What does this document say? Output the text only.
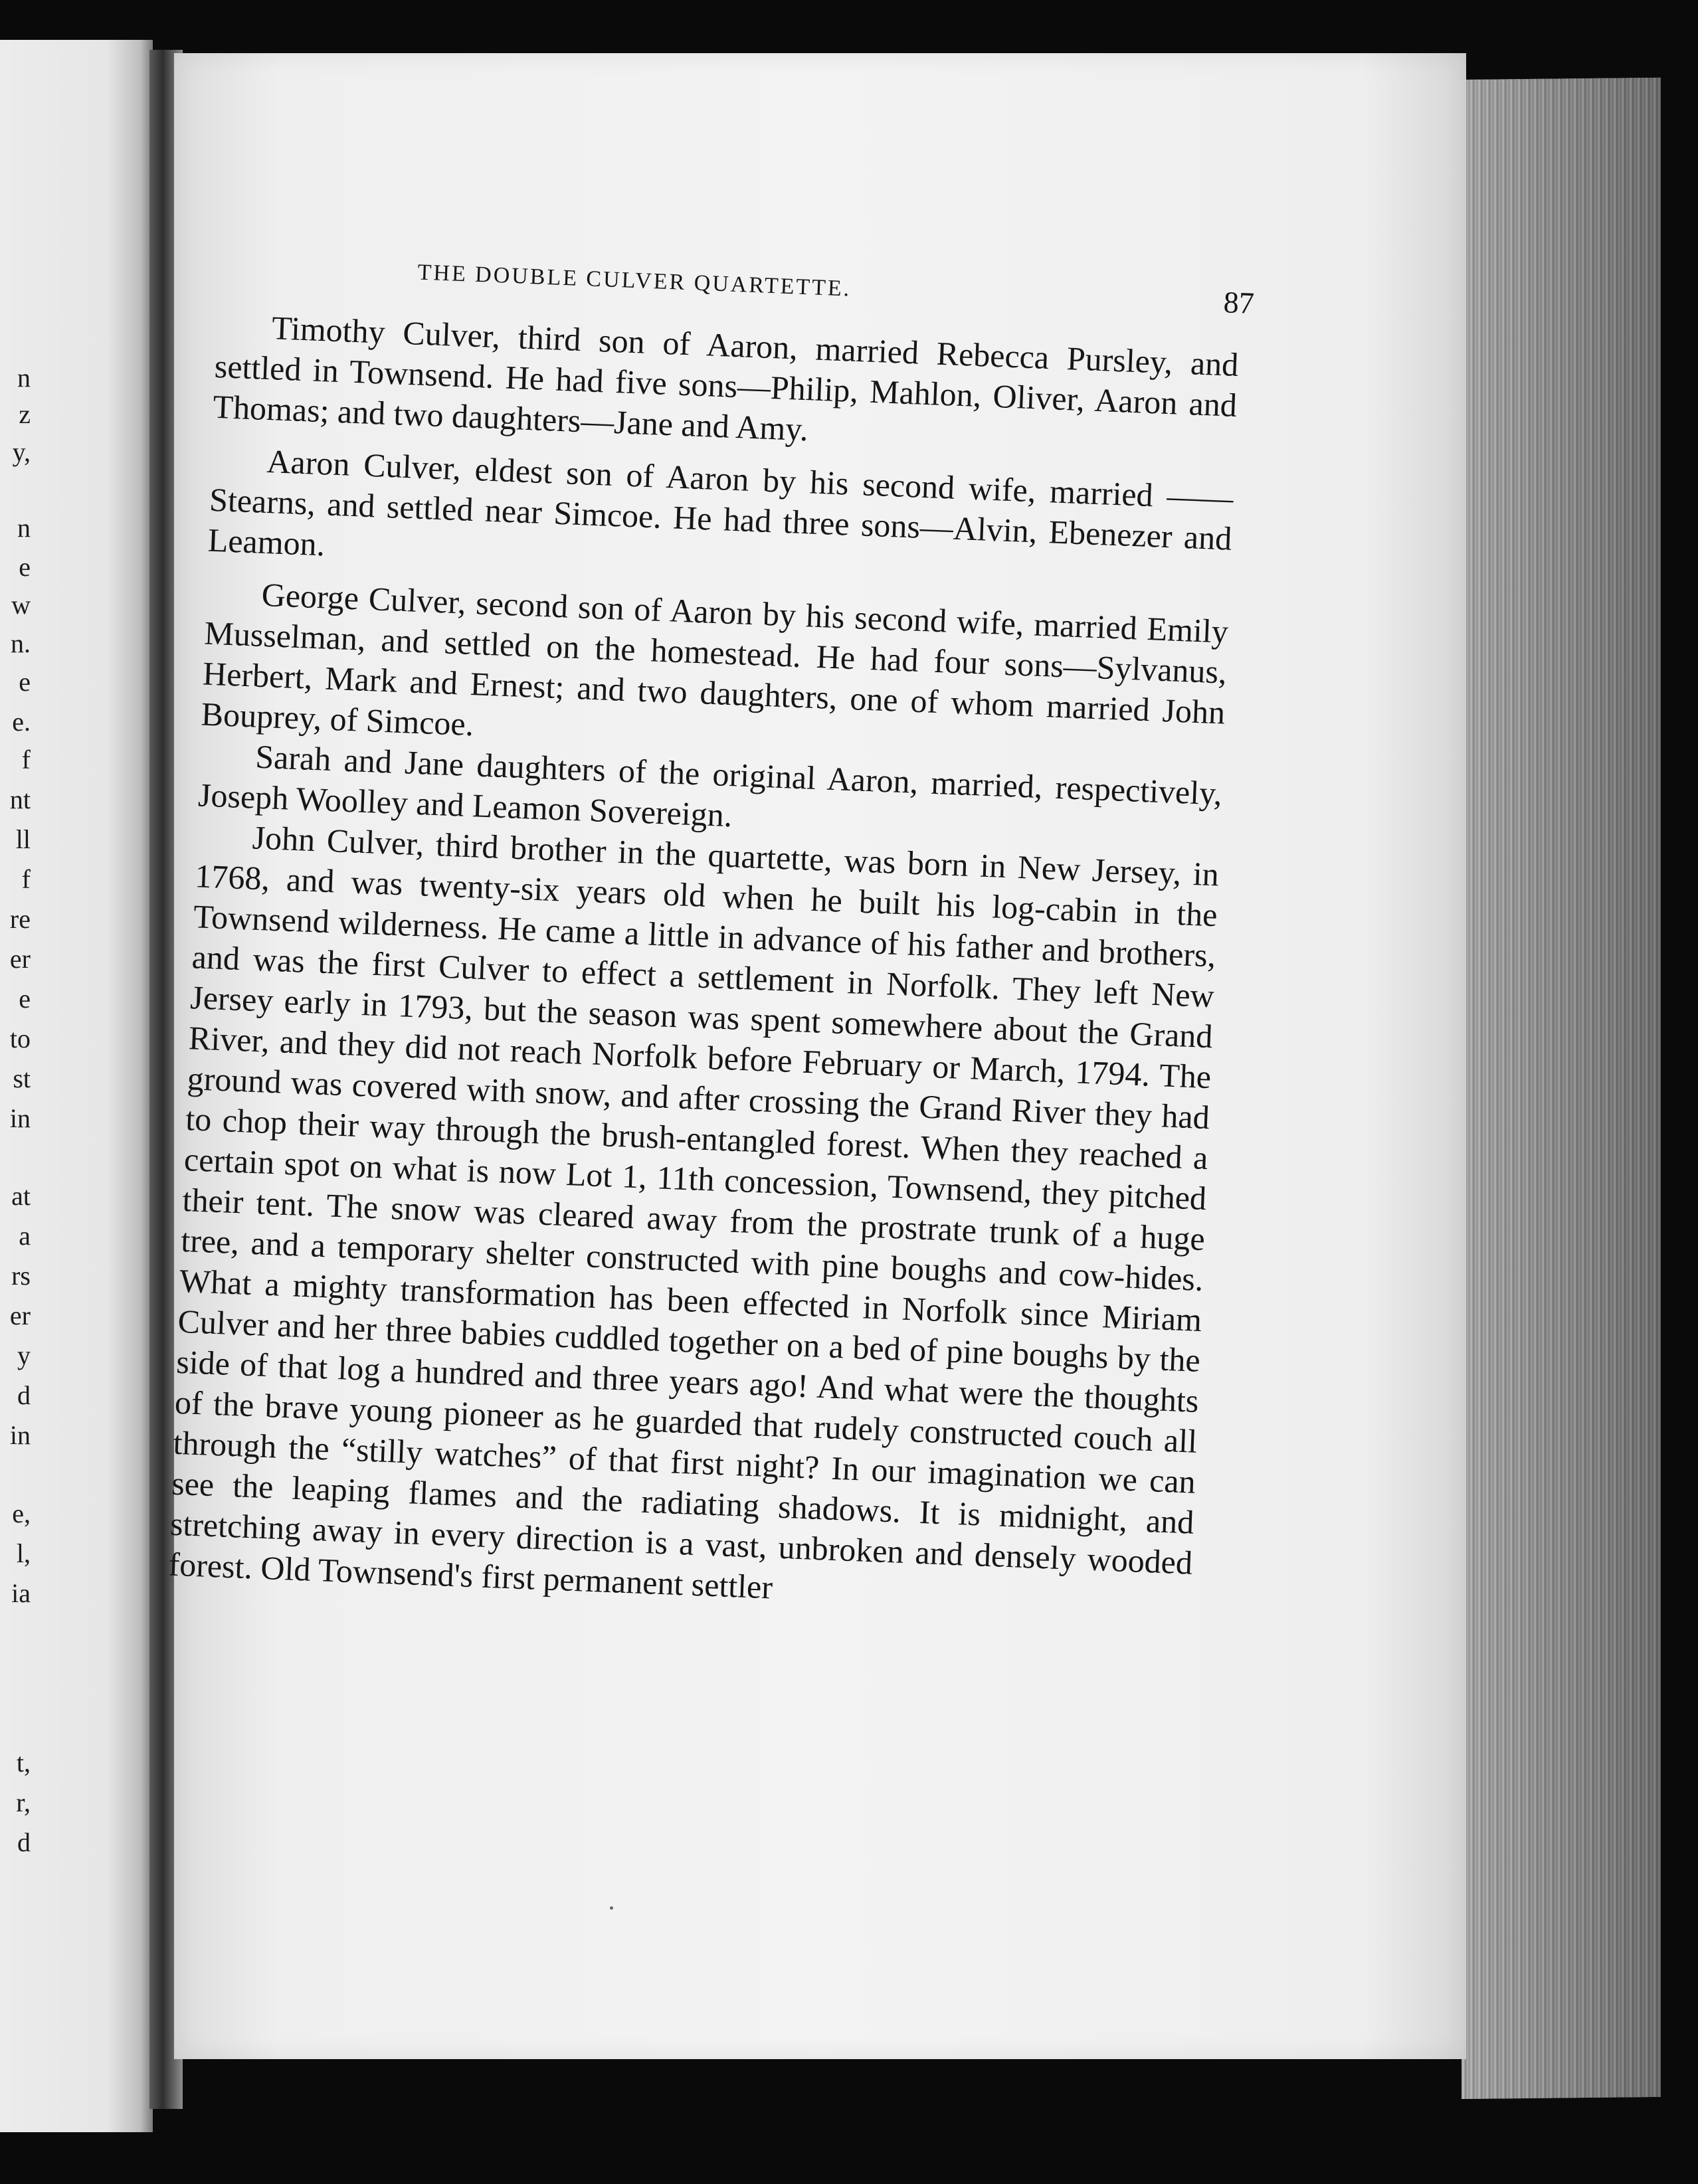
n
z
y,
n
e
w
n.
e
e.
f
nt
ll
f
re
er
e
to
st
in
at
a
rs
er
y
d
in
e,
l,
ia
t,
r,
d
THE DOUBLE CULVER QUARTETTE.
87

Timothy Culver, third son of Aaron, married Rebecca Pursley, and settled in Townsend. He had five sons—Philip, Mahlon, Oliver, Aaron and Thomas; and two daughters—Jane and Amy.

Aaron Culver, eldest son of Aaron by his second wife, married —— Stearns, and settled near Simcoe. He had three sons—Alvin, Ebenezer and Leamon.

George Culver, second son of Aaron by his second wife, married Emily Musselman, and settled on the homestead. He had four sons—Sylvanus, Herbert, Mark and Ernest; and two daughters, one of whom married John Bouprey, of Simcoe.

Sarah and Jane daughters of the original Aaron, married, respectively, Joseph Woolley and Leamon Sovereign.

John Culver, third brother in the quartette, was born in New Jersey, in 1768, and was twenty-six years old when he built his log-cabin in the Townsend wilderness. He came a little in advance of his father and brothers, and was the first Culver to effect a settlement in Norfolk. They left New Jersey early in 1793, but the season was spent somewhere about the Grand River, and they did not reach Norfolk before February or March, 1794. The ground was covered with snow, and after crossing the Grand River they had to chop their way through the brush-entangled forest. When they reached a certain spot on what is now Lot 1, 11th concession, Townsend, they pitched their tent. The snow was cleared away from the prostrate trunk of a huge tree, and a temporary shelter constructed with pine boughs and cow-hides. What a mighty transformation has been effected in Norfolk since Miriam Culver and her three babies cuddled together on a bed of pine boughs by the side of that log a hundred and three years ago! And what were the thoughts of the brave young pioneer as he guarded that rudely constructed couch all through the “stilly watches” of that first night? In our imagination we can see the leaping flames and the radiating shadows. It is midnight, and stretching away in every direction is a vast, unbroken and densely wooded forest. Old Townsend's first permanent settler
